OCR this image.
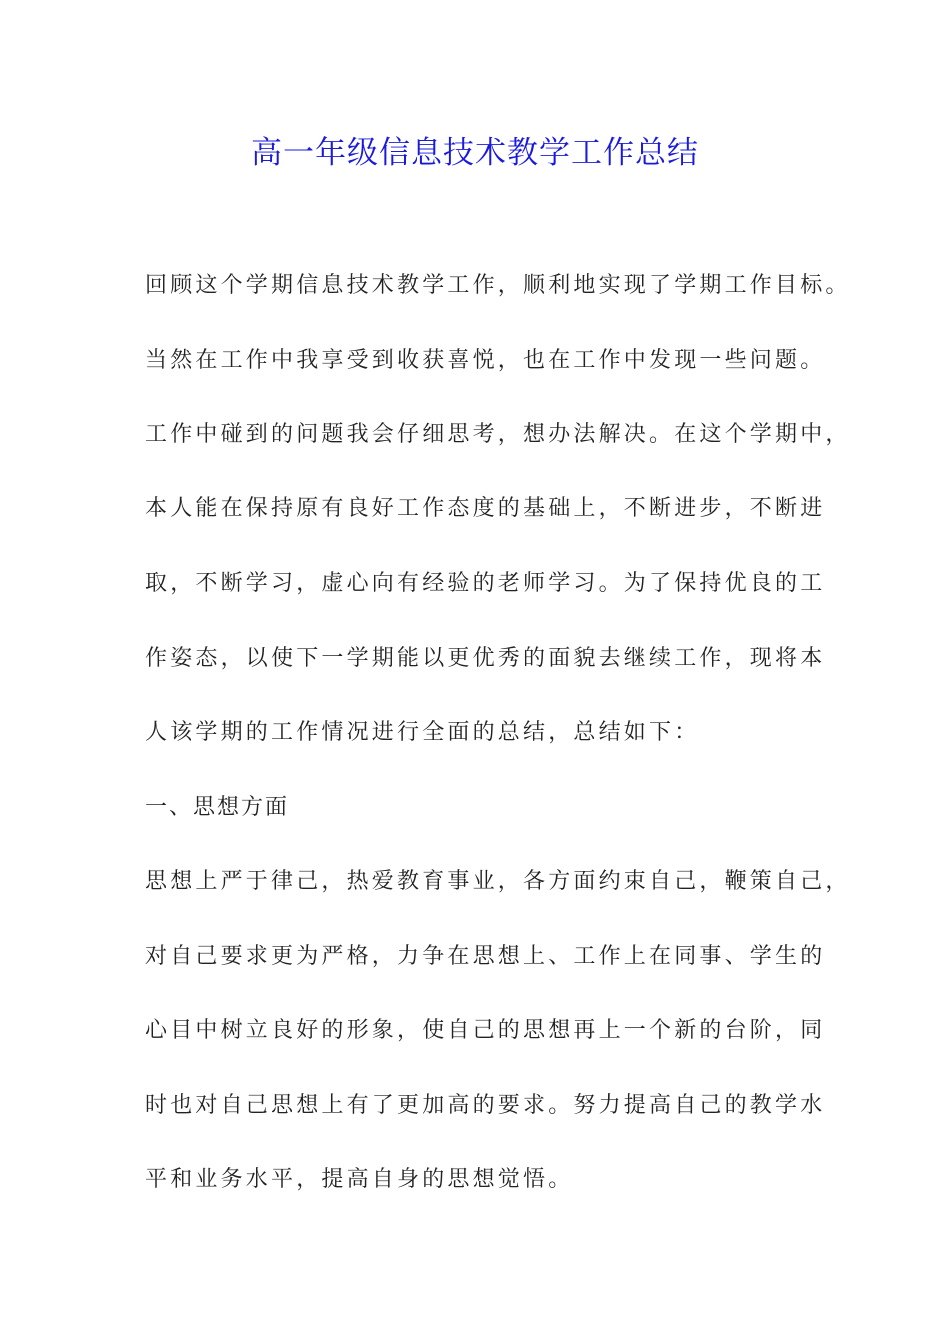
高一年级信息技术教学工作总结
回顾这个学期信息技术教学工作，顺利地实现了学期工作目标。
当然在工作中我享受到收获喜悦，也在工作中发现一些问题。
工作中碰到的问题我会仔细思考，想办法解决。在这个学期中，
本人能在保持原有良好工作态度的基础上，不断进步，不断进
取，不断学习，虚心向有经验的老师学习。为了保持优良的工
作姿态，以使下一学期能以更优秀的面貌去继续工作，现将本
人该学期的工作情况进行全面的总结，总结如下：
一、思想方面
思想上严于律己，热爱教育事业，各方面约束自己，鞭策自己，
对自己要求更为严格，力争在思想上、工作上在同事、学生的
心目中树立良好的形象，使自己的思想再上一个新的台阶，同
时也对自己思想上有了更加高的要求。努力提高自己的教学水
平和业务水平，提高自身的思想觉悟。
